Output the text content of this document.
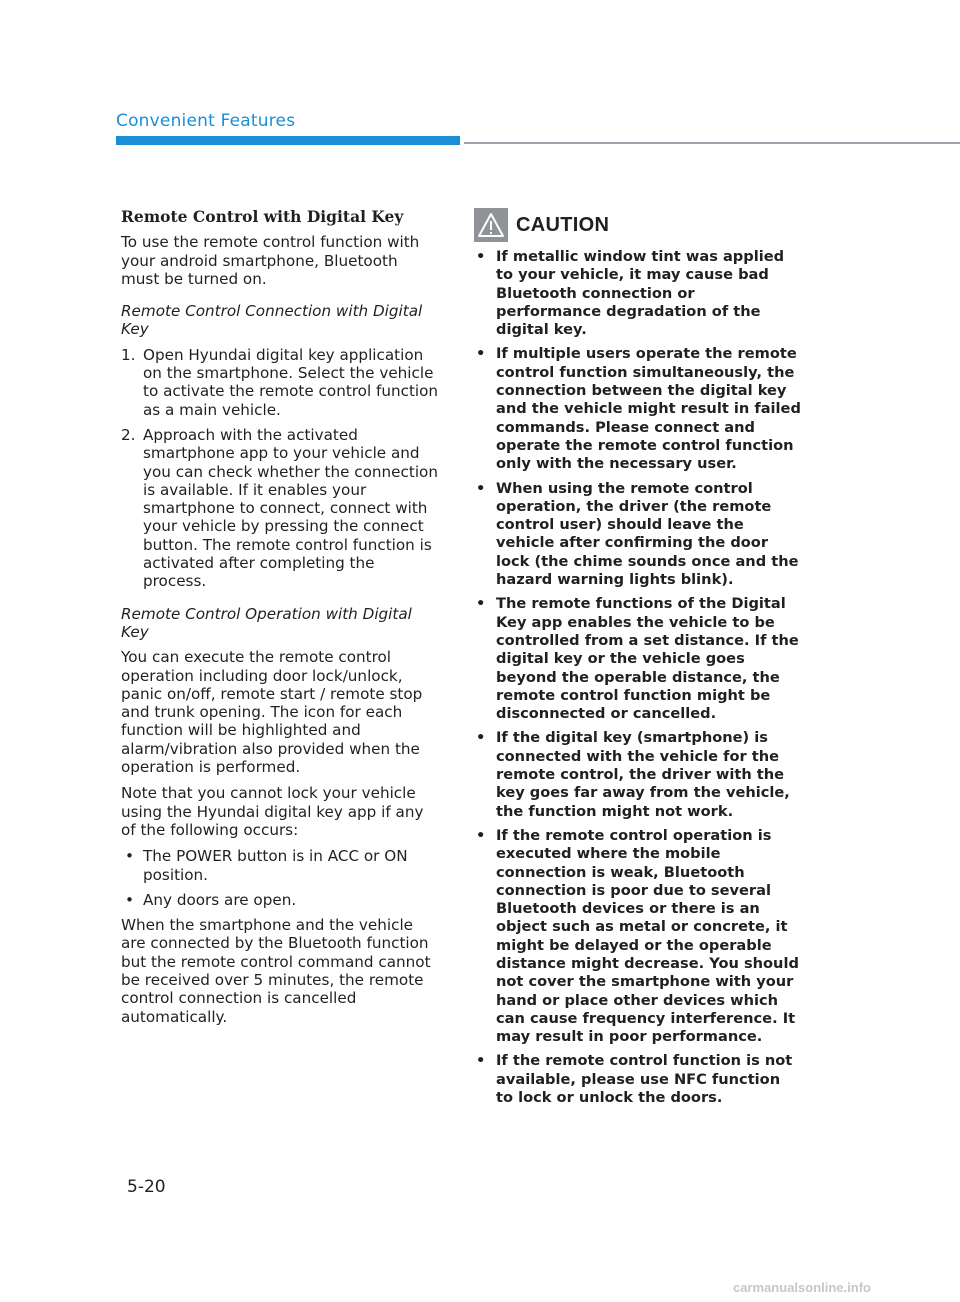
Convenient Features
Remote Control with Digital Key

To use the remote control function with your android smartphone, Bluetooth must be turned on.

Remote Control Connection with Digital Key
1. Open Hyundai digital key application on the smartphone. Select the vehicle to activate the remote control function as a main vehicle.
2. Approach with the activated smartphone app to your vehicle and you can check whether the connection is available. If it enables your smartphone to connect, connect with your vehicle by pressing the connect button. The remote control function is activated after completing the process.
Remote Control Operation with Digital Key

You can execute the remote control operation including door lock/unlock, panic on/off, remote start / remote stop and trunk opening. The icon for each function will be highlighted and alarm/vibration also provided when the operation is performed.

Note that you cannot lock your vehicle using the Hyundai digital key app if any of the following occurs:

• The POWER button is in ACC or ON position.
• Any doors are open.

When the smartphone and the vehicle are connected by the Bluetooth function but the remote control command cannot be received over 5 minutes, the remote control connection is cancelled automatically.

CAUTION
• If metallic window tint was applied to your vehicle, it may cause bad Bluetooth connection or performance degradation of the digital key.
• If multiple users operate the remote control function simultaneously, the connection between the digital key and the vehicle might result in failed commands. Please connect and operate the remote control function only with the necessary user.
• When using the remote control operation, the driver (the remote control user) should leave the vehicle after confirming the door lock (the chime sounds once and the hazard warning lights blink).
• The remote functions of the Digital Key app enables the vehicle to be controlled from a set distance. If the digital key or the vehicle goes beyond the operable distance, the remote control function might be disconnected or cancelled.
• If the digital key (smartphone) is connected with the vehicle for the remote control, the driver with the key goes far away from the vehicle, the function might not work.
• If the remote control operation is executed where the mobile connection is weak, Bluetooth connection is poor due to several Bluetooth devices or there is an object such as metal or concrete, it might be delayed or the operable distance might decrease. You should not cover the smartphone with your hand or place other devices which can cause frequency interference. It may result in poor performance.
• If the remote control function is not available, please use NFC function to lock or unlock the doors.
5-20
carmanualsonline.info
